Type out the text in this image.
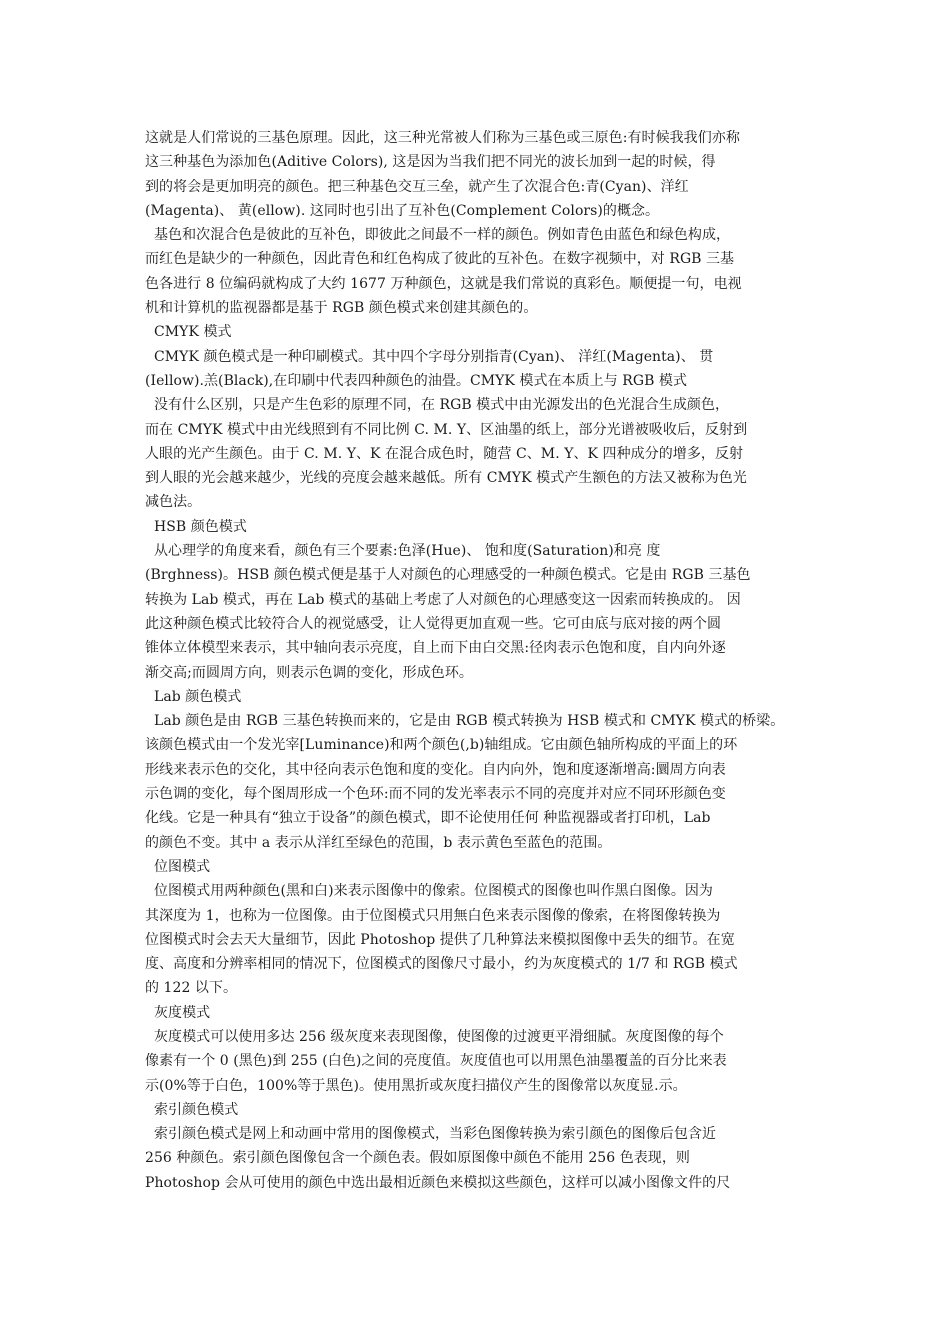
这就是人们常说的三基色原理。因此，这三种光常被人们称为三基色或三原色:有时候我我们亦称
这三种基色为添加色(Aditive Colors), 这是因为当我们把不同光的波长加到一起的时候，得
到的将会是更加明亮的颜色。把三种基色交互三垒，就产生了次混合色:青(Cyan)、洋红
(Magenta)、 黄(ellow). 这同时也引出了互补色(Complement Colors)的概念。
基色和次混合色是彼此的互补色，即彼此之间最不一样的颜色。例如青色由蓝色和绿色构成，
而红色是缺少的一种颜色，因此青色和红色构成了彼此的互补色。在数字视频中，对 RGB 三基
色各进行 8 位编码就构成了大约 1677 万种颜色，这就是我们常说的真彩色。顺便提一句，电视
机和计算机的监视器都是基于 RGB 颜色模式来创建其颜色的。
CMYK 模式
CMYK 颜色模式是一种印刷模式。其中四个字母分别指青(Cyan)、 洋红(Magenta)、 贯
(Iellow).羔(Black),在印刷中代表四种颜色的油畳。CMYK 模式在本质上与 RGB 模式
没有什么区别，只是产生色彩的原理不同，在 RGB 模式中由光源发出的色光混合生成颜色，
而在 CMYK 模式中由光线照到有不同比例 C. M. Y、区油墨的纸上，部分光谱被吸收后，反射到
人眼的光产生颜色。由于 C. M. Y、K 在混合成色时，随营 C、M. Y、K 四种成分的增多，反射
到人眼的光会越来越少，光线的亮度会越来越低。所有 CMYK 模式产生额色的方法又被称为色光
减色法。
HSB 颜色模式
从心理学的角度来看，颜色有三个要素:色泽(Hue)、 饱和度(Saturation)和亮 度
(Brghness)。HSB 颜色模式便是基于人对颜色的心理感受的一种颜色模式。它是由 RGB 三基色
转换为 Lab 模式，再在 Lab 模式的基础上考虑了人对颜色的心理感变这一因索而转换成的。 因
此这种颜色模式比较符合人的视觉感受，让人觉得更加直观一些。它可由底与底对接的两个圆
锥体立体模型来表示，其中轴向表示亮度，自上而下由白交黑:径肉表示色饱和度，自内向外逐
渐交高;而圆周方向，则表示色调的变化，形成色环。
Lab 颜色模式
Lab 颜色是由 RGB 三基色转换而来的，它是由 RGB 模式转换为 HSB 模式和 CMYK 模式的桥梁。
该颜色模式由一个发光宰[Luminance)和两个颜色(,b)轴组成。它由颜色轴所构成的平面上的环
形线来表示色的交化，其中径向表示色饱和度的变化。自内向外，饱和度逐渐增高:圜周方向表
示色调的变化，每个图周形成一个色环:而不同的发光率表示不同的亮度并对应不同环形颜色变
化线。它是一种具有“独立于设备”的颜色模式，即不论使用任何 种监视器或者打印机，Lab
的颜色不变。其中 a 表示从洋红至绿色的范围，b 表示黄色至蓝色的范围。
位图模式
位图模式用两种颜色(黑和白)来表示图像中的像索。位图模式的图像也叫作黑白图像。因为
其深度为 1，也称为一位图像。由于位图模式只用無白色来表示图像的像索，在将图像转换为
位图模式时会去天大量细节，因此 Photoshop 提供了几种算法来模拟图像中丢失的细节。在宽
度、高度和分辨率相同的情况下，位图模式的图像尺寸最小，约为灰度模式的 1/7 和 RGB 模式
的 122 以下。
灰度模式
灰度模式可以使用多达 256 级灰度来表现图像，使图像的过渡更平滑细腻。灰度图像的每个
像素有一个 0 (黑色)到 255 (白色)之间的亮度值。灰度值也可以用黑色油墨覆盖的百分比来表
示(0%等于白色，100%等于黑色)。使用黑折或灰度扫描仪产生的图像常以灰度显.示。
索引颜色模式
索引颜色模式是网上和动画中常用的图像模式，当彩色图像转换为索引颜色的图像后包含近
256 种颜色。索引颜色图像包含一个颜色表。假如原图像中颜色不能用 256 色表现，则
Photoshop 会从可使用的颜色中选出最相近颜色来模拟这些颜色，这样可以减小图像文件的尺
